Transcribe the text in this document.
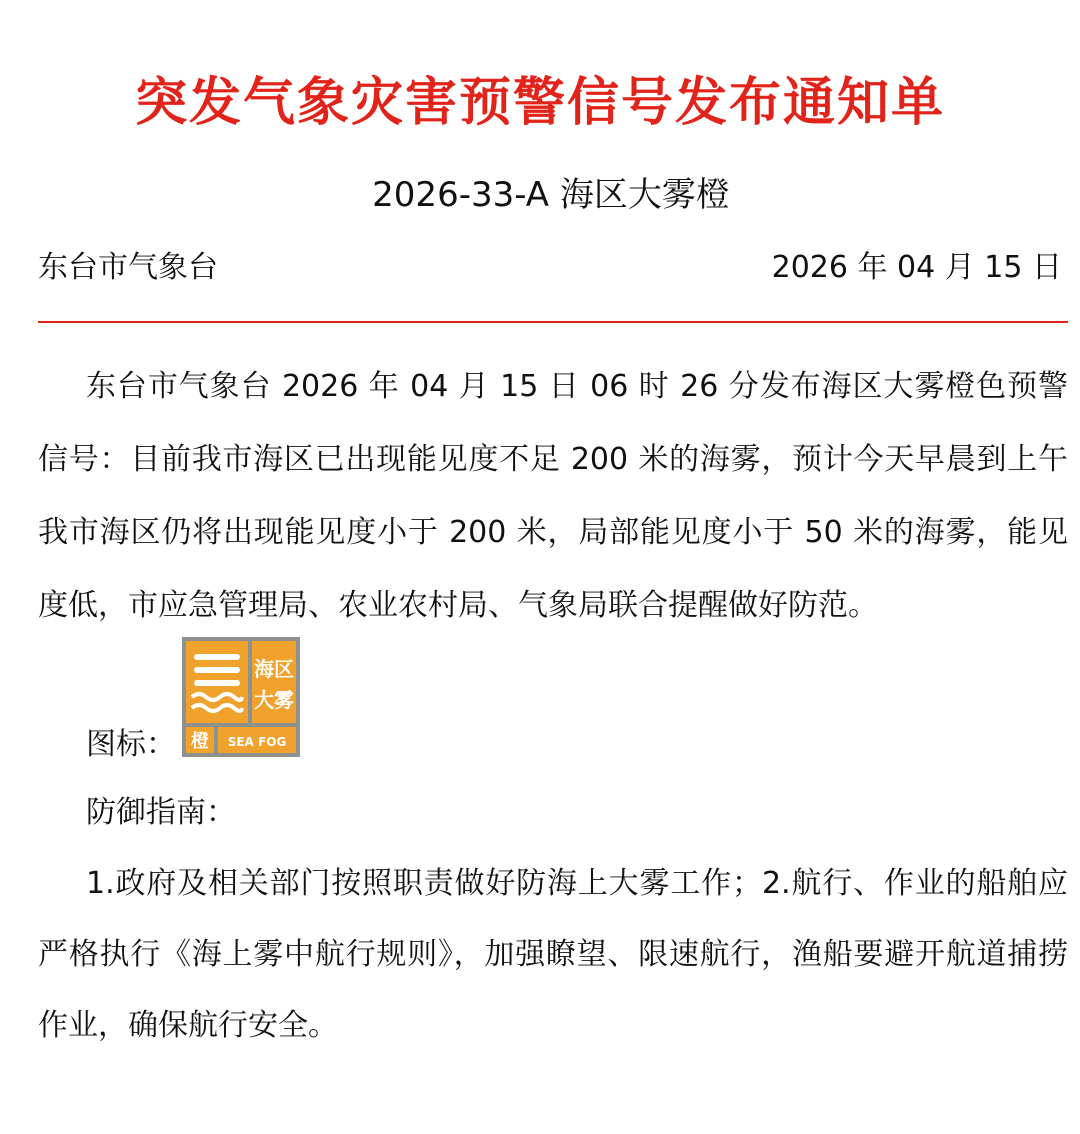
突发气象灾害预警信号发布通知单
2026-33-A 海区大雾橙
东台市气象台	2026 年 04 月 15 日

东台市气象台 2026 年 04 月 15 日 06 时 26 分发布海区大雾橙色预警信号：目前我市海区已出现能见度不足 200 米的海雾，预计今天早晨到上午我市海区仍将出现能见度小于 200 米，局部能见度小于 50 米的海雾，能见度低，市应急管理局、农业农村局、气象局联合提醒做好防范。

图标：
海区
大雾
橙 SEA FOG
防御指南：

1.政府及相关部门按照职责做好防海上大雾工作；2.航行、作业的船舶应严格执行《海上雾中航行规则》，加强瞭望、限速航行，渔船要避开航道捕捞作业，确保航行安全。
